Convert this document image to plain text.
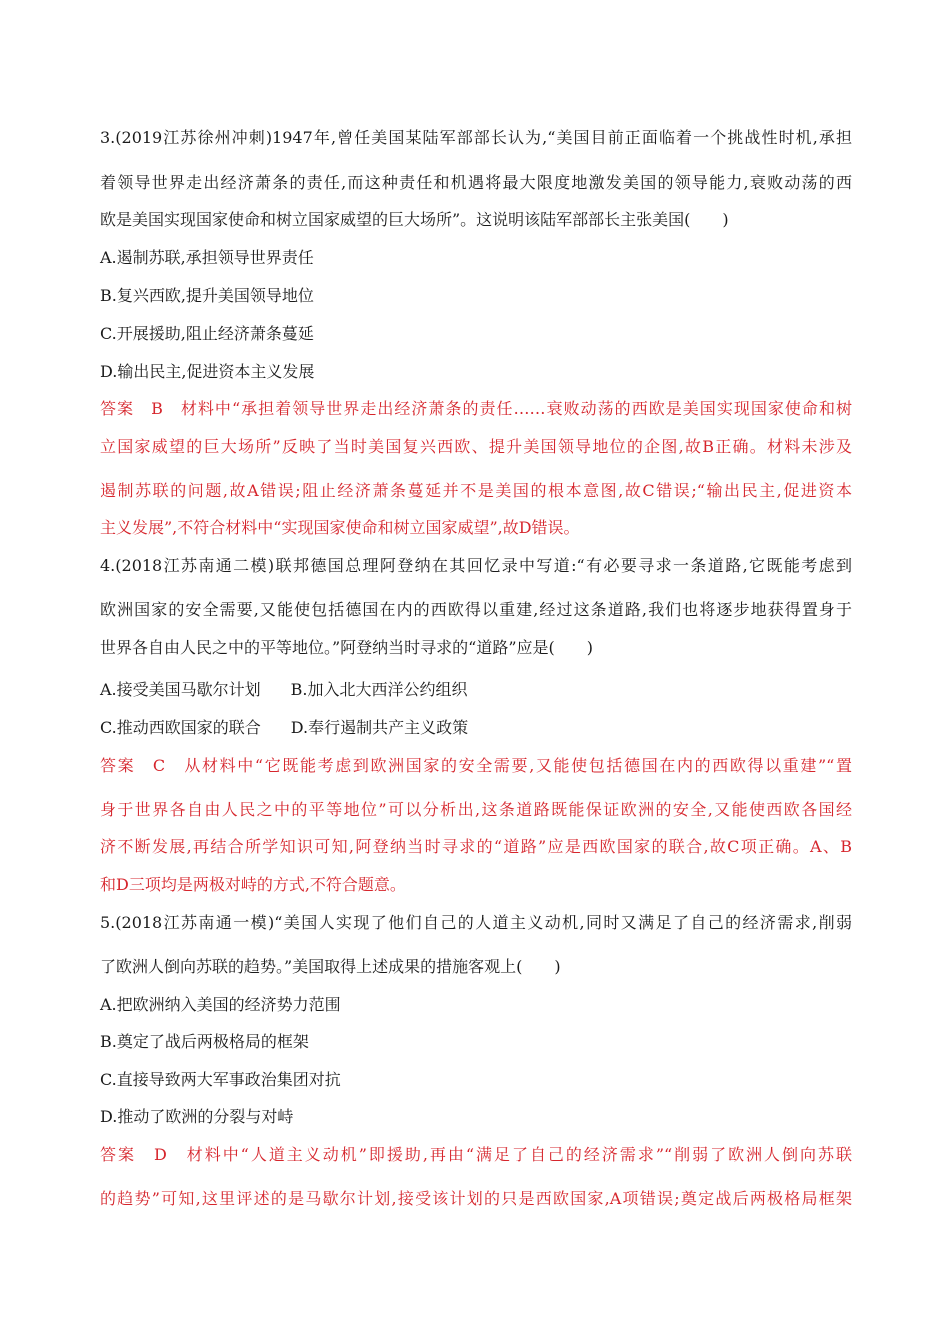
3.(2019江苏徐州冲刺)1947年,曾任美国某陆军部部长认为,“美国目前正面临着一个挑战性时机,承担
着领导世界走出经济萧条的责任,而这种责任和机遇将最大限度地激发美国的领导能力,衰败动荡的西
欧是美国实现国家使命和树立国家威望的巨大场所”。这说明该陆军部部长主张美国(　　)
A.遏制苏联,承担领导世界责任
B.复兴西欧,提升美国领导地位
C.开展援助,阻止经济萧条蔓延
D.输出民主,促进资本主义发展
答案　B　材料中“承担着领导世界走出经济萧条的责任……衰败动荡的西欧是美国实现国家使命和树
立国家威望的巨大场所”反映了当时美国复兴西欧、提升美国领导地位的企图,故B正确。材料未涉及
遏制苏联的问题,故A错误;阻止经济萧条蔓延并不是美国的根本意图,故C错误;“输出民主,促进资本
主义发展”,不符合材料中“实现国家使命和树立国家威望”,故D错误。
4.(2018江苏南通二模)联邦德国总理阿登纳在其回忆录中写道:“有必要寻求一条道路,它既能考虑到
欧洲国家的安全需要,又能使包括德国在内的西欧得以重建,经过这条道路,我们也将逐步地获得置身于
世界各自由人民之中的平等地位。”阿登纳当时寻求的“道路”应是(　　)
A.接受美国马歇尔计划 B.加入北大西洋公约组织
C.推动西欧国家的联合 D.奉行遏制共产主义政策
答案　C　从材料中“它既能考虑到欧洲国家的安全需要,又能使包括德国在内的西欧得以重建”“置
身于世界各自由人民之中的平等地位”可以分析出,这条道路既能保证欧洲的安全,又能使西欧各国经
济不断发展,再结合所学知识可知,阿登纳当时寻求的“道路”应是西欧国家的联合,故C项正确。A、B
和D三项均是两极对峙的方式,不符合题意。
5.(2018江苏南通一模)“美国人实现了他们自己的人道主义动机,同时又满足了自己的经济需求,削弱
了欧洲人倒向苏联的趋势。”美国取得上述成果的措施客观上(　　)
A.把欧洲纳入美国的经济势力范围
B.奠定了战后两极格局的框架
C.直接导致两大军事政治集团对抗
D.推动了欧洲的分裂与对峙
答案　D　材料中“人道主义动机”即援助,再由“满足了自己的经济需求”“削弱了欧洲人倒向苏联
的趋势”可知,这里评述的是马歇尔计划,接受该计划的只是西欧国家,A项错误;奠定战后两极格局框架
